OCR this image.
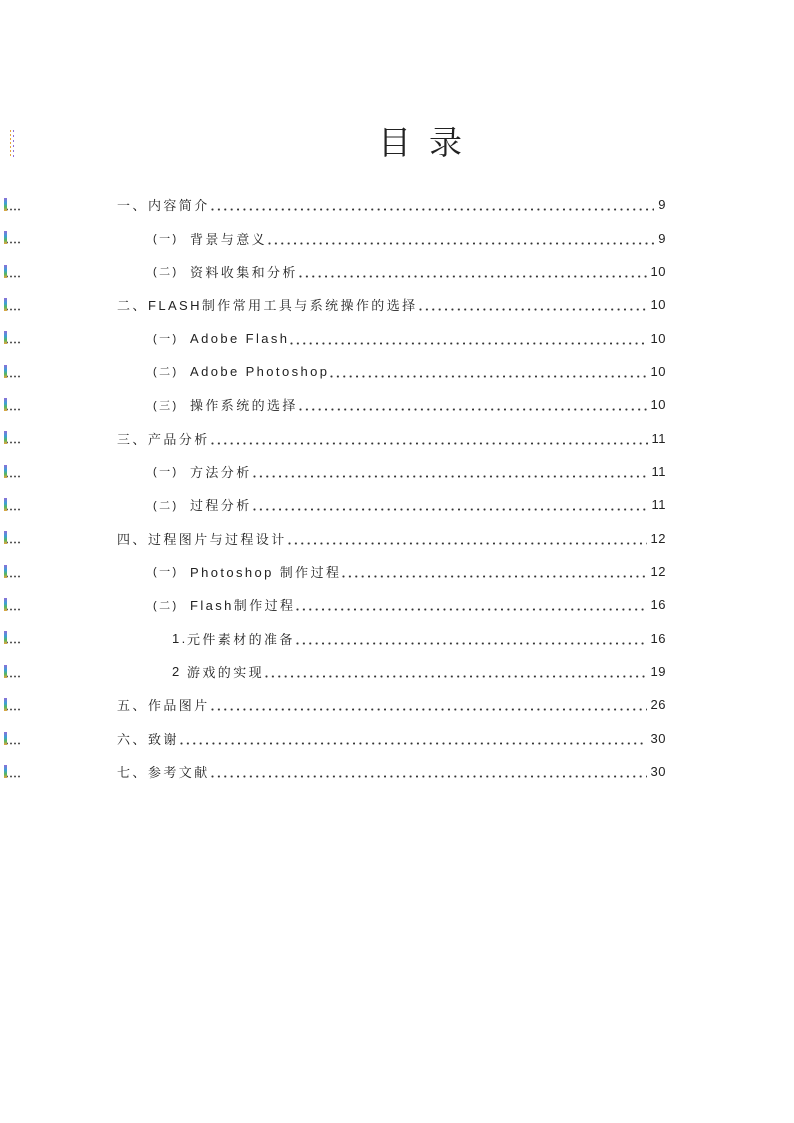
目录
一、 内容简介	9
(一) 背景与意义	9
(二) 资料收集和分析	10
二、 FLASH制作常用工具与系统操作的选择	10
(一) Adobe Flash	10
(二) Adobe Photoshop	10
(三) 操作系统的选择	10
三、 产品分析	11
(一) 方法分析	11
(二) 过程分析	11
四、 过程图片与过程设计	12
(一) Photoshop 制作过程	12
(二) Flash制作过程	16
1. 元件素材的准备	16
2 游戏的实现	19
五、 作品图片	26
六、 致谢	30
七、 参考文献	30
